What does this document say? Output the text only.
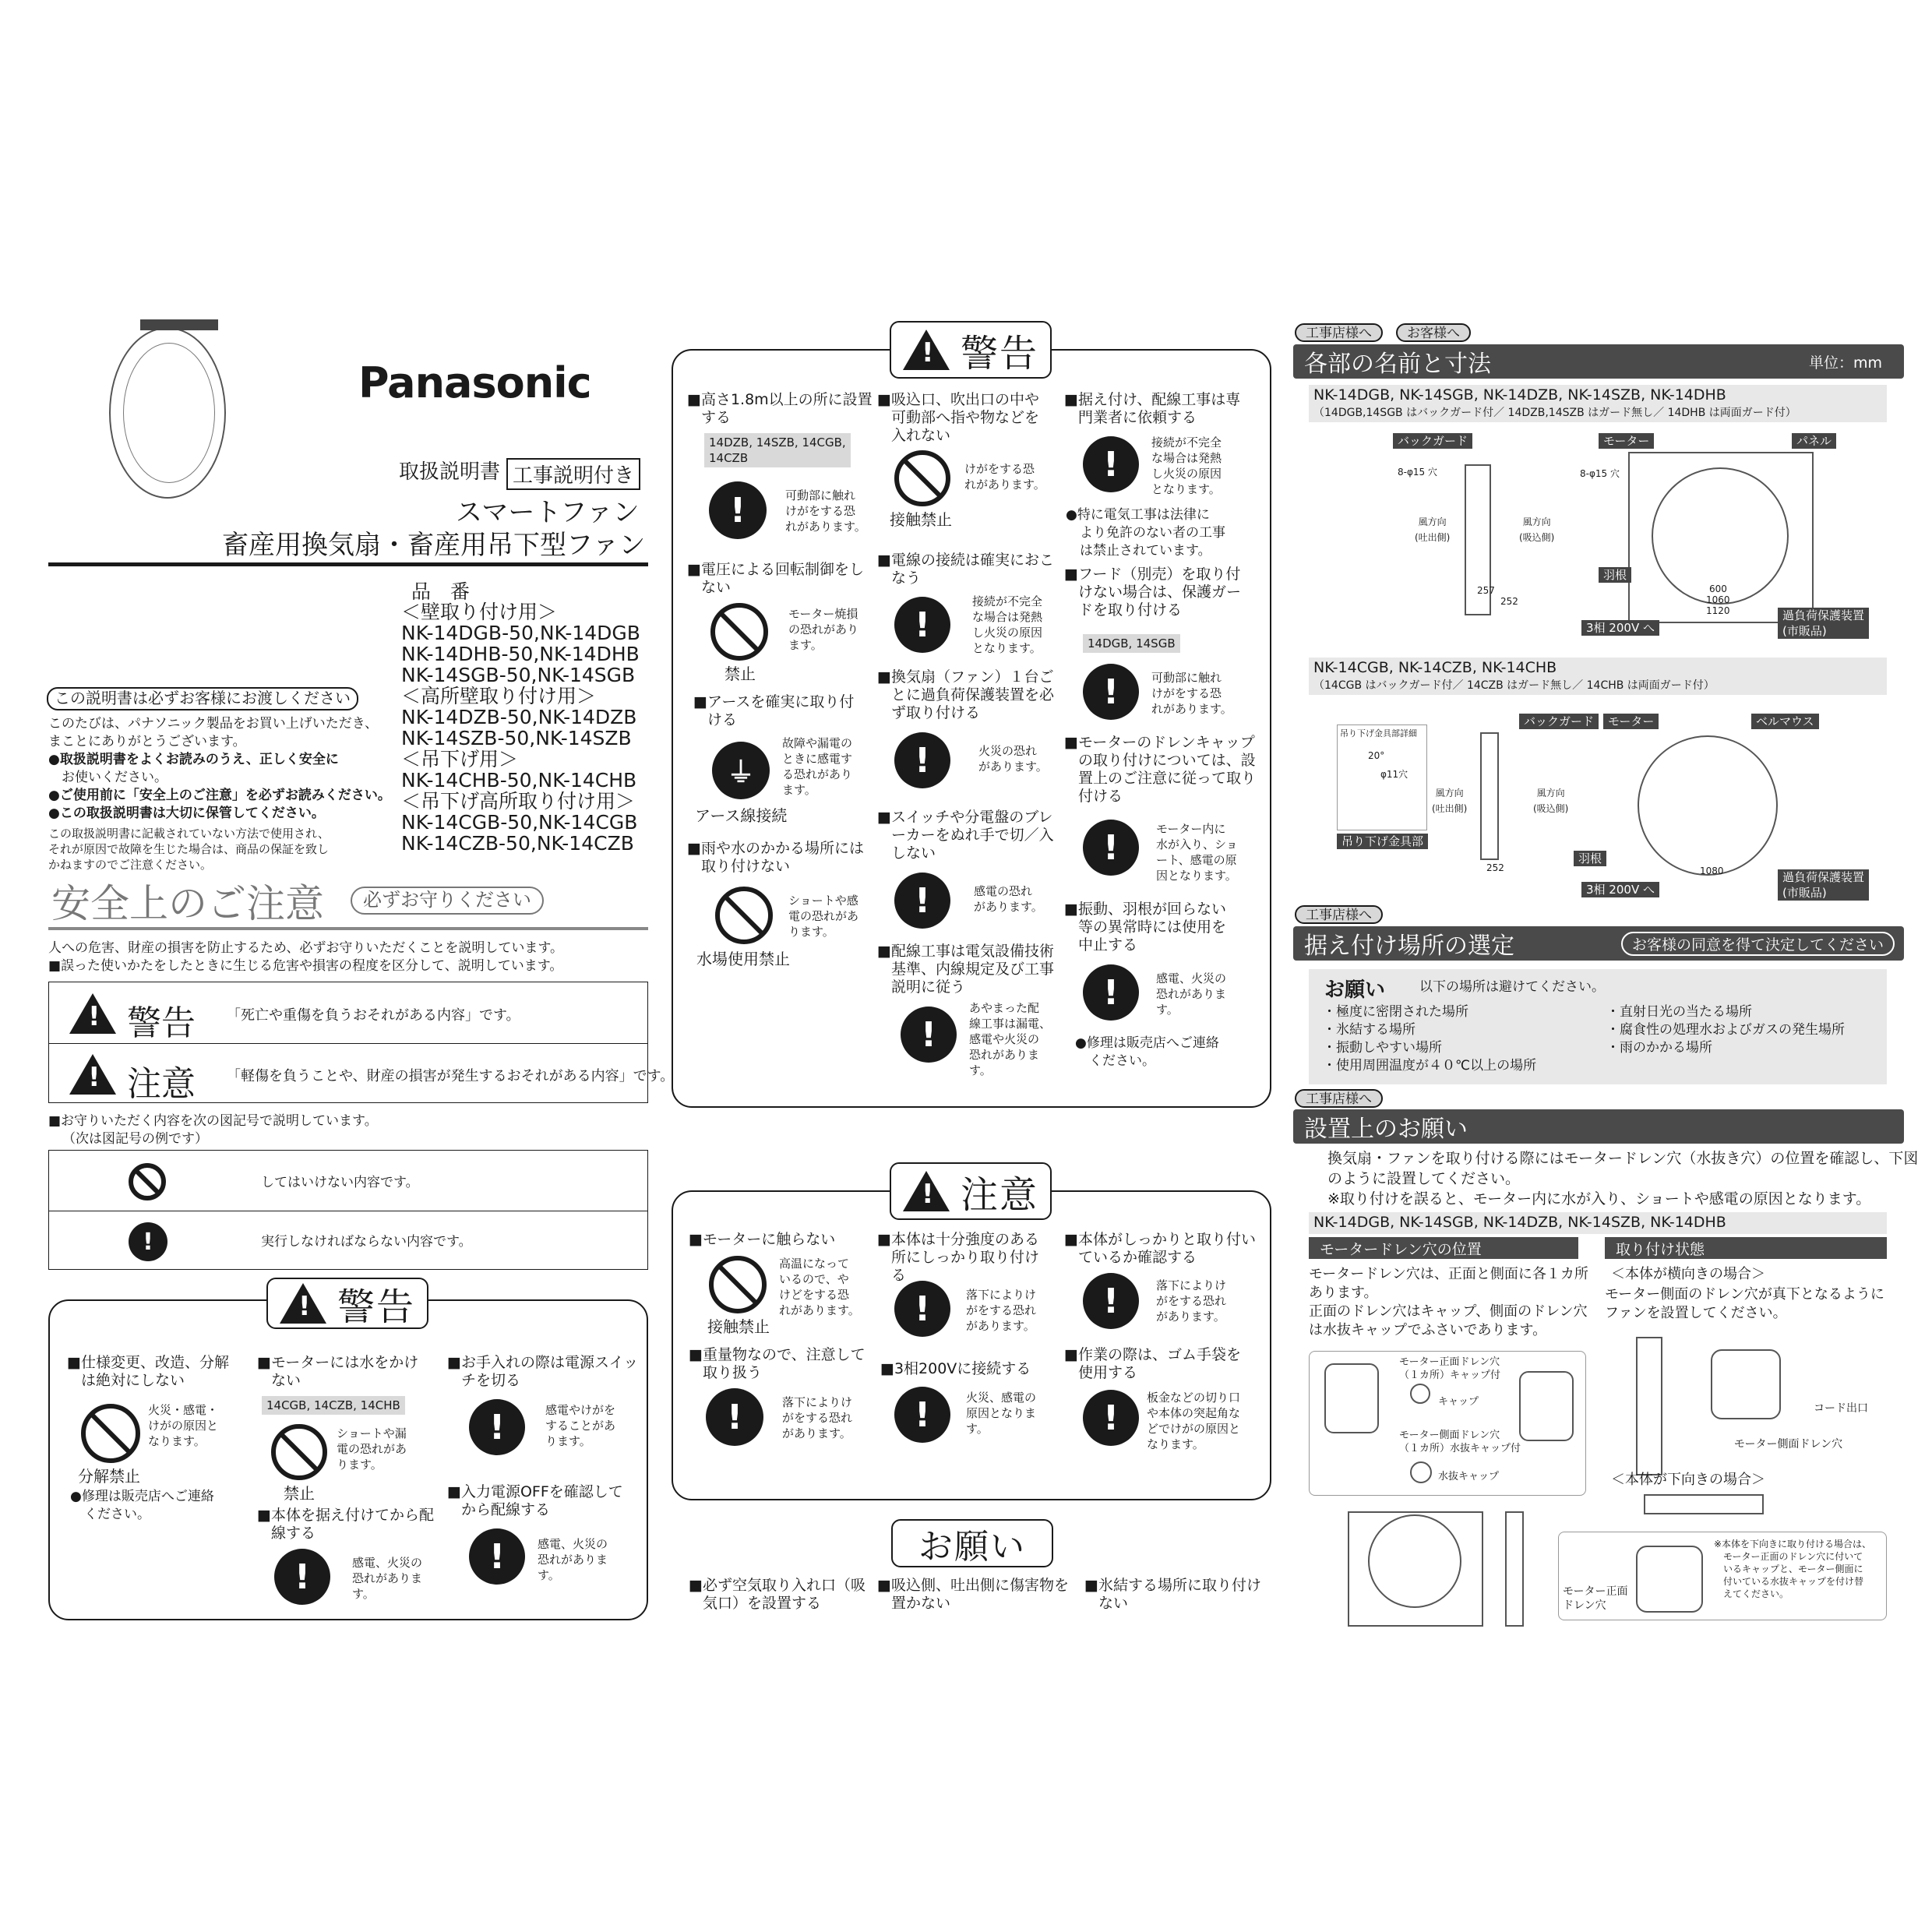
Panasonic
取扱説明書 工事説明付き
スマートファン
畜産用換気扇・畜産用吊下型ファン
品　番
＜壁取り付け用＞
NK-14DGB-50,NK-14DGB
NK-14DHB-50,NK-14DHB
NK-14SGB-50,NK-14SGB
＜高所壁取り付け用＞
NK-14DZB-50,NK-14DZB
NK-14SZB-50,NK-14SZB
＜吊下げ用＞
NK-14CHB-50,NK-14CHB
＜吊下げ高所取り付け用＞
NK-14CGB-50,NK-14CGB
NK-14CZB-50,NK-14CZB
この説明書は必ずお客様にお渡しください
このたびは、パナソニック製品をお買い上げいただき、
まことにありがとうございます。
●取扱説明書をよくお読みのうえ、正しく安全に
　お使いください。
●ご使用前に「安全上のご注意」を必ずお読みください。
●この取扱説明書は大切に保管してください。
この取扱説明書に記載されていない方法で使用され、
それが原因で故障を生じた場合は、商品の保証を致し
かねますのでご注意ください。
安全上のご注意	必ずお守りください
人への危害、財産の損害を防止するため、必ずお守りいただくことを説明しています。
■誤った使いかたをしたときに生じる危害や損害の程度を区分して、説明しています。
!
警告 「死亡や重傷を負うおそれがある内容」です。
!
注意 「軽傷を負うことや、財産の損害が発生するおそれがある内容」です。
■お守りいただく内容を次の図記号で説明しています。
（次は図記号の例です）
してはいけない内容です。
!	実行しなければならない内容です。
!
警告
■仕様変更、改造、分解
は絶対にしない
火災・感電・
けがの原因と
なります。
分解禁止
●修理は販売店へご連絡
ください。
■モーターには水をかけ
ない
14CGB, 14CZB, 14CHB
ショートや漏
電の恐れがあ
ります。
禁止
■本体を据え付けてから配
線する
!	感電、火災の
恐れがありま
す。
■お手入れの際は電源スイッ
チを切る
!	感電やけがを
することがあ
ります。
■入力電源OFFを確認して
から配線する
!	感電、火災の
恐れがありま
す。
!
警告
■高さ1.8m以上の所に設置
する
14DZB, 14SZB, 14CGB,
14CZB
!	可動部に触れ
けがをする恐
れがあります。
■電圧による回転制御をし
ない
モーター焼損
の恐れがあり
ます。
禁止
■アースを確実に取り付
ける
⏚
故障や漏電の
ときに感電す
る恐れがあり
ます。
アース線接続
■雨や水のかかる場所には
取り付けない
ショートや感
電の恐れがあ
ります。
水場使用禁止
■吸込口、吹出口の中や
可動部へ指や物などを
入れない
けがをする恐
れがあります。
接触禁止
■電線の接続は確実におこ
なう
!
接続が不完全
な場合は発熱
し火災の原因
となります。
■換気扇（ファン）１台ご
とに過負荷保護装置を必
ず取り付ける
!	火災の恐れ
があります。
■スイッチや分電盤のブレ
ーカーをぬれ手で切／入
しない
!	感電の恐れ
があります。
■配線工事は電気設備技術
基準、内線規定及び工事
説明に従う
!
あやまった配
線工事は漏電、
感電や火災の
恐れがありま
す。
■据え付け、配線工事は専
門業者に依頼する
!
接続が不完全
な場合は発熱
し火災の原因
となります。
●特に電気工事は法律に
より免許のない者の工事
は禁止されています。
■フード（別売）を取り付
けない場合は、保護ガー
ドを取り付ける
14DGB, 14SGB
!	可動部に触れ
けがをする恐
れがあります。
■モーターのドレンキャップ
の取り付けについては、設
置上のご注意に従って取り
付ける
!	モーター内に
水が入り、ショ
ート、感電の原
因となります。
■振動、羽根が回らない
等の異常時には使用を
中止する
!	感電、火災の
恐れがありま
す。
●修理は販売店へご連絡
ください。
!
注意
■モーターに触らない
高温になって
いるので、や
けどをする恐
れがあります。
接触禁止
■本体は十分強度のある
所にしっかり取り付け
る
!	落下によりけ
がをする恐れ
があります。
■本体がしっかりと取り付い
ているか確認する
!	落下によりけ
がをする恐れ
があります。
■重量物なので、注意して
取り扱う
!	落下によりけ
がをする恐れ
があります。
■3相200Vに接続する
!	火災、感電の
原因となりま
す。
■作業の際は、ゴム手袋を
使用する
!
板金などの切り口
や本体の突起角な
どでけがの原因と
なります。
お願い
■必ず空気取り入れ口（吸
気口）を設置する
■吸込側、吐出側に傷害物を
置かない
■氷結する場所に取り付け
ない
工事店様へ	お客様へ
各部の名前と寸法	単位：mm
NK-14DGB, NK-14SGB, NK-14DZB, NK-14SZB, NK-14DHB
（14DGB,14SGB はバックガード付／ 14DZB,14SZB はガード無し／ 14DHB は両面ガード付）
バックガード	モーター	パネル
8-φ15 穴	8-φ15 穴
風方向
(吐出側)
風方向
(吸込側)
羽根
600
1060
1120
257
252
3相 200V へ
過負荷保護装置
(市販品)
NK-14CGB, NK-14CZB, NK-14CHB
（14CGB はバックガード付／ 14CZB はガード無し／ 14CHB は両面ガード付）
吊り下げ金具部詳細
20°
φ11穴
吊り下げ金具部
バックガード	モーター	ベルマウス
風方向
(吐出側)
風方向
(吸込側)
羽根
252	1080
3相 200V へ
過負荷保護装置
(市販品)
工事店様へ
据え付け場所の選定	お客様の同意を得て決定してください
お願い	以下の場所は避けてください。
・極度に密閉された場所
・氷結する場所
・振動しやすい場所
・使用周囲温度が４０℃以上の場所
・直射日光の当たる場所
・腐食性の処理水およびガスの発生場所
・雨のかかる場所
工事店様へ
設置上のお願い
換気扇・ファンを取り付ける際にはモータードレン穴（水抜き穴）の位置を確認し、下図
のように設置してください。
※取り付けを誤ると、モーター内に水が入り、ショートや感電の原因となります。
NK-14DGB, NK-14SGB, NK-14DZB, NK-14SZB, NK-14DHB
モータードレン穴の位置	取り付け状態
モータードレン穴は、正面と側面に各１カ所
あります。
正面のドレン穴はキャップ、側面のドレン穴
は水抜キャップでふさいであります。
モーター正面ドレン穴
（１カ所）キャップ付
キャップ
モーター側面ドレン穴
（１カ所）水抜キャップ付
水抜キャップ
＜本体が横向きの場合＞
モーター側面のドレン穴が真下となるように
ファンを設置してください。
コード出口
モーター側面ドレン穴
＜本体が下向きの場合＞
モーター正面
ドレン穴
※本体を下向きに取り付ける場合は、
　モーター正面のドレン穴に付いて
　いるキャップと、モーター側面に
　付いている水抜キャップを付け替
　えてください。
